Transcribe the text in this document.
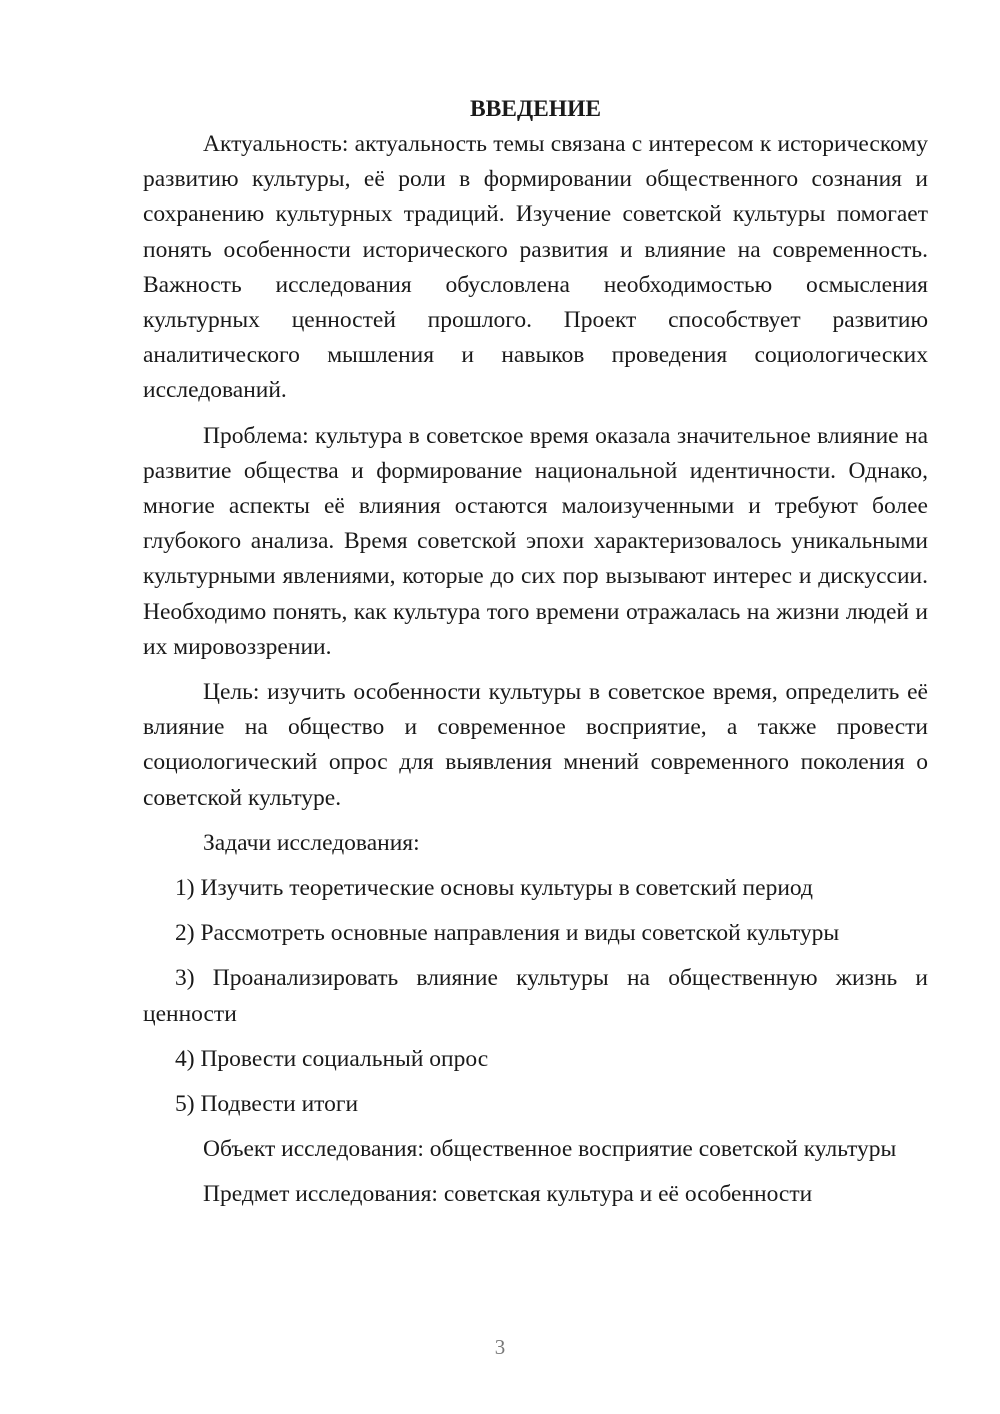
ВВЕДЕНИЕ

Актуальность: актуальность темы связана с интересом к историческому развитию культуры, её роли в формировании общественного сознания и сохранению культурных традиций. Изучение советской культуры помогает понять особенности исторического развития и влияние на современность. Важность исследования обусловлена необходимостью осмысления культурных ценностей прошлого. Проект способствует развитию аналитического мышления и навыков проведения социологических исследований.

Проблема: культура в советское время оказала значительное влияние на развитие общества и формирование национальной идентичности. Однако, многие аспекты её влияния остаются малоизученными и требуют более глубокого анализа. Время советской эпохи характеризовалось уникальными культурными явлениями, которые до сих пор вызывают интерес и дискуссии. Необходимо понять, как культура того времени отражалась на жизни людей и их мировоззрении.

Цель: изучить особенности культуры в советское время, определить её влияние на общество и современное восприятие, а также провести социологический опрос для выявления мнений современного поколения о советской культуре.

Задачи исследования:

1) Изучить теоретические основы культуры в советский период
2) Рассмотреть основные направления и виды советской культуры
3) Проанализировать влияние культуры на общественную жизнь и ценности
4) Провести социальный опрос
5) Подвести итоги

Объект исследования: общественное восприятие советской культуры

Предмет исследования: советская культура и её особенности

3
